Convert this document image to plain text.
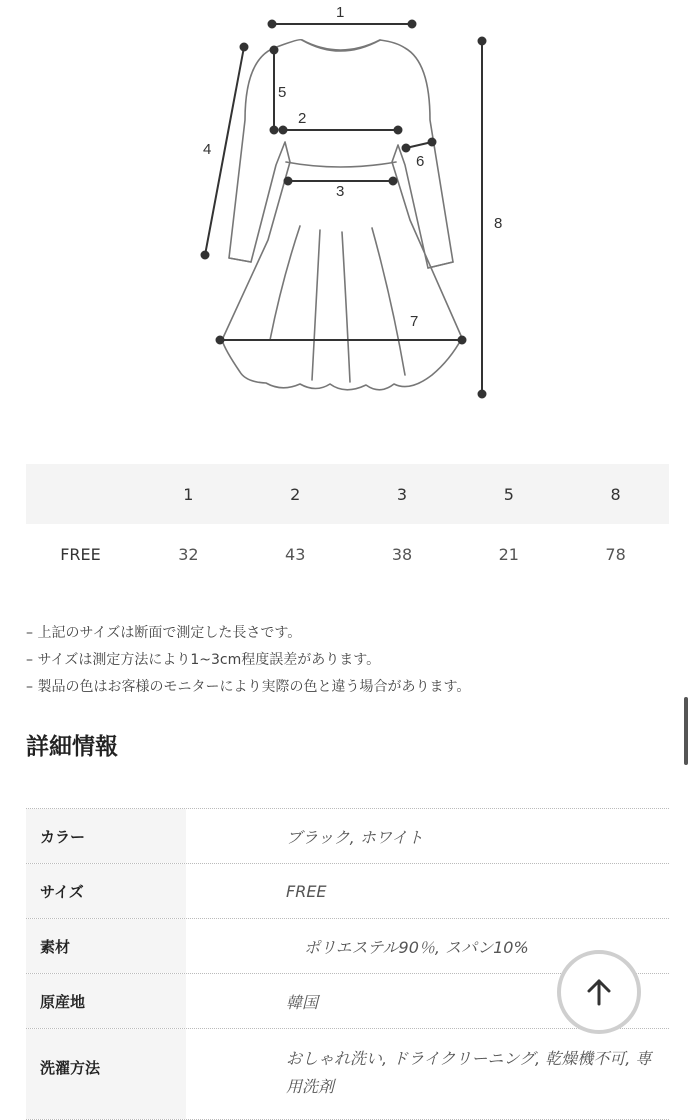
1
2
3
4
5
6
7
8
	1	2	3	5	8
FREE	32	43	38	21	78
– 上記のサイズは断面で測定した長さです。
– サイズは測定方法により1~3cm程度誤差があります。
– 製品の色はお客様のモニターにより実際の色と違う場合があります。
詳細情報
カラー	ブラック, ホワイト
サイズ	FREE
素材	ポリエステル90％, スパン10%
原産地	韓国
洗濯方法	おしゃれ洗い, ドライクリーニング, 乾燥機不可, 専用洗剤
